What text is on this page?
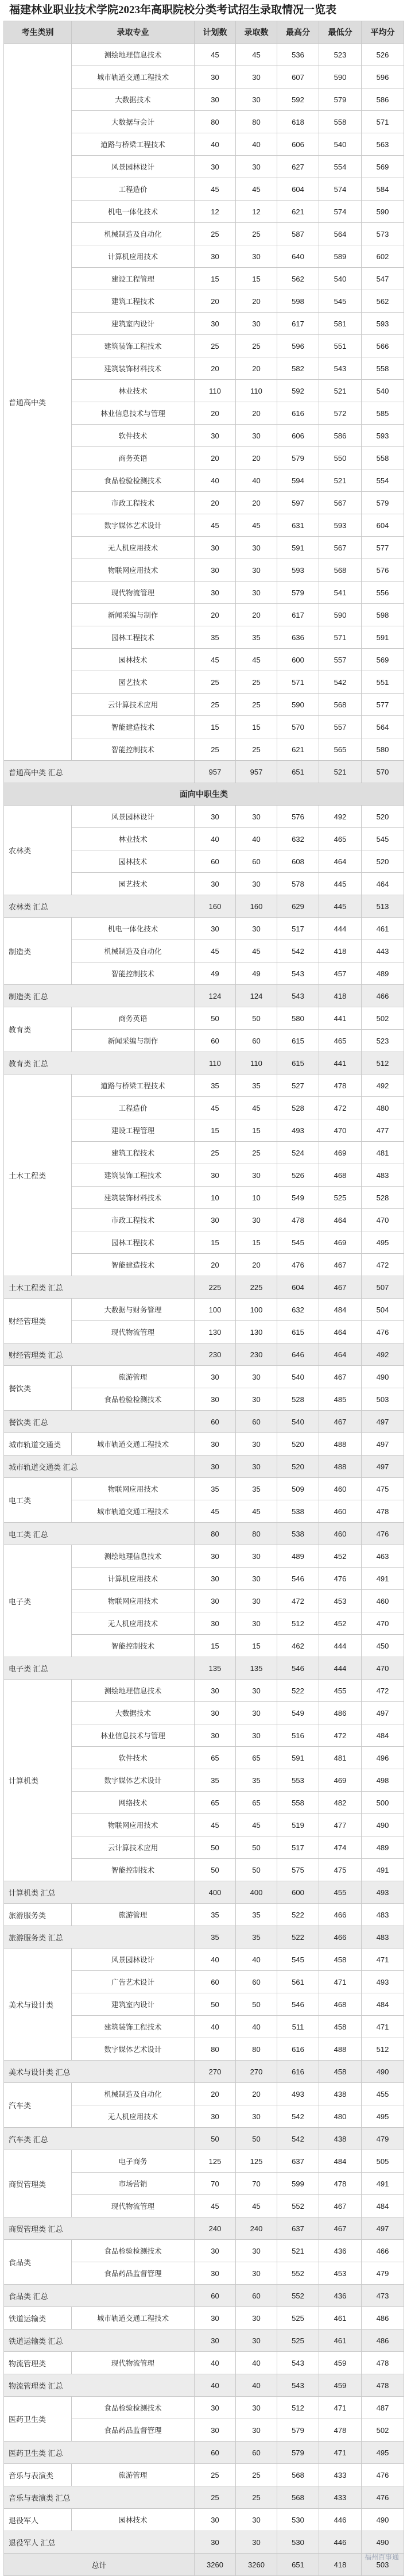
福建林业职业技术学院2023年高职院校分类考试招生录取情况一览表
考生类别	录取专业	计划数	录取数	最高分	最低分	平均分
普通高中类	测绘地理信息技术	45	45	536	523	526
	城市轨道交通工程技术	30	30	607	590	596
	大数据技术	30	30	592	579	586
	大数据与会计	80	80	618	558	571
	道路与桥梁工程技术	40	40	606	540	563
	风景园林设计	30	30	627	554	569
	工程造价	45	45	604	574	584
	机电一体化技术	12	12	621	574	590
	机械制造及自动化	25	25	587	564	573
	计算机应用技术	30	30	640	589	602
	建设工程管理	15	15	562	540	547
	建筑工程技术	20	20	598	545	562
	建筑室内设计	30	30	617	581	593
	建筑装饰工程技术	25	25	596	551	566
	建筑装饰材料技术	20	20	582	543	558
	林业技术	110	110	592	521	540
	林业信息技术与管理	20	20	616	572	585
	软件技术	30	30	606	586	593
	商务英语	20	20	579	550	558
	食品检验检测技术	40	40	594	521	554
	市政工程技术	20	20	597	567	579
	数字媒体艺术设计	45	45	631	593	604
	无人机应用技术	30	30	591	567	577
	物联网应用技术	30	30	593	568	576
	现代物流管理	30	30	579	541	556
	新闻采编与制作	20	20	617	590	598
	园林工程技术	35	35	636	571	591
	园林技术	45	45	600	557	569
	园艺技术	25	25	571	542	551
	云计算技术应用	25	25	590	568	577
	智能建造技术	15	15	570	557	564
	智能控制技术	25	25	621	565	580
普通高中类 汇总		957	957	651	521	570
面向中职生类						
农林类	风景园林设计	30	30	576	492	520
	林业技术	40	40	632	465	545
	园林技术	60	60	608	464	520
	园艺技术	30	30	578	445	464
农林类 汇总		160	160	629	445	513
制造类	机电一体化技术	30	30	517	444	461
	机械制造及自动化	45	45	542	418	443
	智能控制技术	49	49	543	457	489
制造类 汇总		124	124	543	418	466
教育类	商务英语	50	50	580	441	502
	新闻采编与制作	60	60	615	465	523
教育类 汇总		110	110	615	441	512
土木工程类	道路与桥梁工程技术	35	35	527	478	492
	工程造价	45	45	528	472	480
	建设工程管理	15	15	493	470	477
	建筑工程技术	25	25	524	469	481
	建筑装饰工程技术	30	30	526	468	483
	建筑装饰材料技术	10	10	549	525	528
	市政工程技术	30	30	478	464	470
	园林工程技术	15	15	545	469	495
	智能建造技术	20	20	476	467	472
土木工程类 汇总		225	225	604	467	507
财经管理类	大数据与财务管理	100	100	632	484	504
	现代物流管理	130	130	615	464	476
财经管理类 汇总		230	230	646	464	492
餐饮类	旅游管理	30	30	540	467	490
	食品检验检测技术	30	30	528	485	503
餐饮类 汇总		60	60	540	467	497
城市轨道交通类	城市轨道交通工程技术	30	30	520	488	497
城市轨道交通类 汇总		30	30	520	488	497
电工类	物联网应用技术	35	35	509	460	475
	城市轨道交通工程技术	45	45	538	460	478
电工类 汇总		80	80	538	460	476
电子类	测绘地理信息技术	30	30	489	452	463
	计算机应用技术	30	30	546	476	491
	物联网应用技术	30	30	472	453	460
	无人机应用技术	30	30	512	452	470
	智能控制技术	15	15	462	444	450
电子类 汇总		135	135	546	444	470
计算机类	测绘地理信息技术	30	30	522	455	472
	大数据技术	30	30	549	486	497
	林业信息技术与管理	30	30	516	472	484
	软件技术	65	65	591	481	496
	数字媒体艺术设计	35	35	553	469	498
	网络技术	65	65	558	482	500
	物联网应用技术	45	45	519	477	490
	云计算技术应用	50	50	517	474	489
	智能控制技术	50	50	575	475	491
计算机类 汇总		400	400	600	455	493
旅游服务类	旅游管理	35	35	522	466	483
旅游服务类 汇总		35	35	522	466	483
美术与设计类	风景园林设计	40	40	545	458	471
	广告艺术设计	60	60	561	471	493
	建筑室内设计	50	50	546	468	484
	建筑装饰工程技术	40	40	511	458	471
	数字媒体艺术设计	80	80	616	488	512
美术与设计类 汇总		270	270	616	458	490
汽车类	机械制造及自动化	20	20	493	438	455
	无人机应用技术	30	30	542	480	495
汽车类 汇总		50	50	542	438	479
商贸管理类	电子商务	125	125	637	484	505
	市场营销	70	70	599	478	491
	现代物流管理	45	45	552	467	484
商贸管理类 汇总		240	240	637	467	497
食品类	食品检验检测技术	30	30	521	436	466
	食品药品监督管理	30	30	552	453	479
食品类 汇总		60	60	552	436	473
铁道运输类	城市轨道交通工程技术	30	30	525	461	486
铁道运输类 汇总		30	30	525	461	486
物流管理类	现代物流管理	40	40	543	459	478
物流管理类 汇总		40	40	543	459	478
医药卫生类	食品检验检测技术	30	30	512	471	487
	食品药品监督管理	30	30	579	478	502
医药卫生类 汇总		60	60	579	471	495
音乐与表演类	旅游管理	25	25	568	433	476
音乐与表演类 汇总		25	25	568	433	476
退役军人	园林技术	30	30	530	446	490
退役军人 汇总		30	30	530	446	490
总计		3260	3260	651	418	503
福州百事通
